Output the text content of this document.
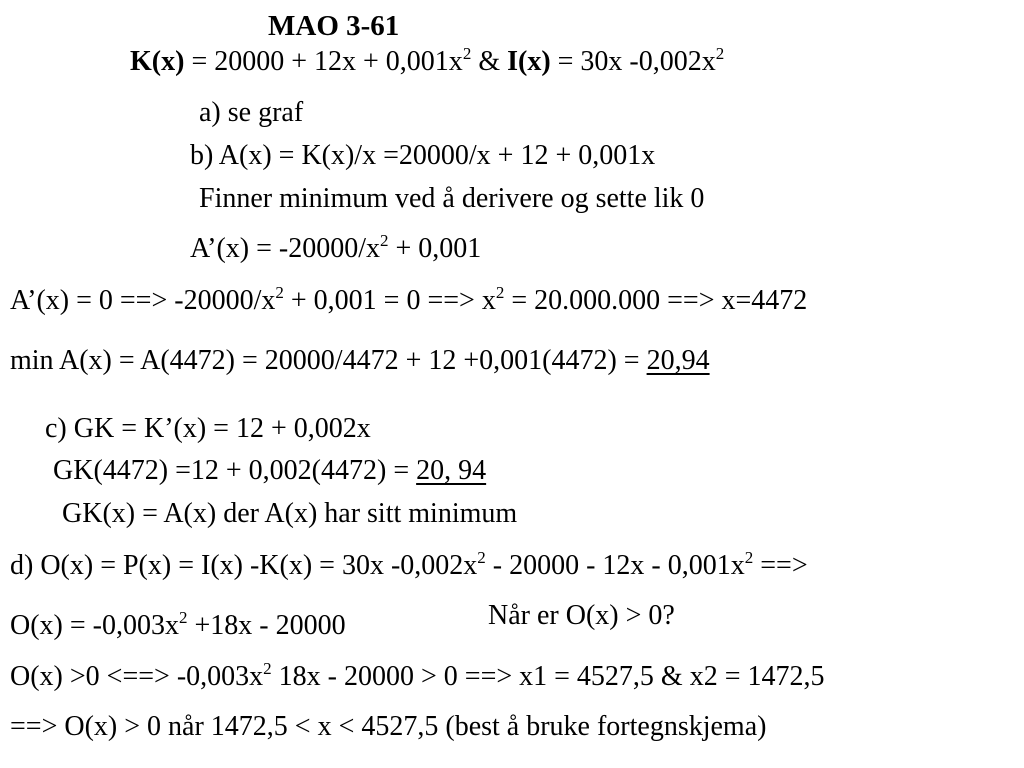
MAO 3-61
$K(x) = 20000 + 12x + 0,001x^2$ & I(x) = 30x $-0,002x^2$
a) se graf
b) A(x) = K(x)/x =20000/x + 12 + 0,001x
Finner minimum ved å derivere og sette lik 0
A’(x) = $-20000/x^2 + 0,001$
A’(x) = 0 ==> $-20000/x^2 + 0,001 = 0$ ==> $x^2 = 20.000.000$ ==> x=4472
min A(x) = A(4472) = 20000/4472 + 12 +0,001(4472) = 20,94
c) GK = K’(x) = 12 + 0,002x
GK(4472) =12 + 0,002(4472) = 20, 94
GK(x) = A(x) der A(x) har sitt minimum
d) O(x) = P(x) = I(x) -K(x) = 30x $-0,002x^2 - 20000 - 12x - 0,001x^2$ ==>
Når er O(x) > 0?
$O(x) = -0,003x^2 +18x - 20000$
O(x) >0 <==> $-0,003x^2$ 18x - 20000 > 0 ==> x1 = 4527,5 & x2 = 1472,5
==> O(x) > 0 når 1472,5 < x < 4527,5 (best å bruke fortegnskjema)
